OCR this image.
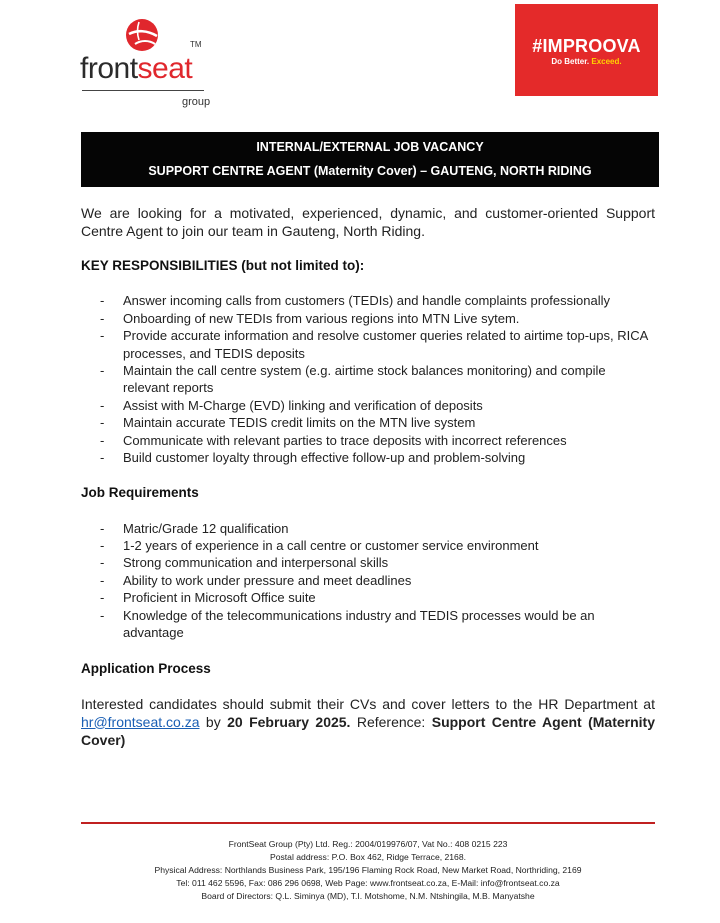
TM
frontseat
group
#IMPROOVA
Do Better. Exceed.
INTERNAL/EXTERNAL JOB VACANCY
SUPPORT CENTRE AGENT (Maternity Cover) – GAUTENG, NORTH RIDING

We are looking for a motivated, experienced, dynamic, and customer-oriented Support Centre Agent to join our team in Gauteng, North Riding.

KEY RESPONSIBILITIES (but not limited to):
- Answer incoming calls from customers (TEDIs) and handle complaints professionally
- Onboarding of new TEDIs from various regions into MTN Live sytem.
- Provide accurate information and resolve customer queries related to airtime top-ups, RICA processes, and TEDIS deposits
- Maintain the call centre system (e.g. airtime stock balances monitoring) and compile relevant reports
- Assist with M-Charge (EVD) linking and verification of deposits
- Maintain accurate TEDIS credit limits on the MTN live system
- Communicate with relevant parties to trace deposits with incorrect references
- Build customer loyalty through effective follow-up and problem-solving
Job Requirements
- Matric/Grade 12 qualification
- 1-2 years of experience in a call centre or customer service environment
- Strong communication and interpersonal skills
- Ability to work under pressure and meet deadlines
- Proficient in Microsoft Office suite
- Knowledge of the telecommunications industry and TEDIS processes would be an advantage
Application Process

Interested candidates should submit their CVs and cover letters to the HR Department at hr@frontseat.co.za by 20 February 2025. Reference: Support Centre Agent (Maternity Cover)

FrontSeat Group (Pty) Ltd. Reg.: 2004/019976/07, Vat No.: 408 0215 223
Postal address: P.O. Box 462, Ridge Terrace, 2168.
Physical Address: Northlands Business Park, 195/196 Flaming Rock Road, New Market Road, Northriding, 2169
Tel: 011 462 5596, Fax: 086 296 0698, Web Page: www.frontseat.co.za, E-Mail: info@frontseat.co.za
Board of Directors: Q.L. Siminya (MD), T.I. Motshome, N.M. Ntshingila, M.B. Manyatshe
